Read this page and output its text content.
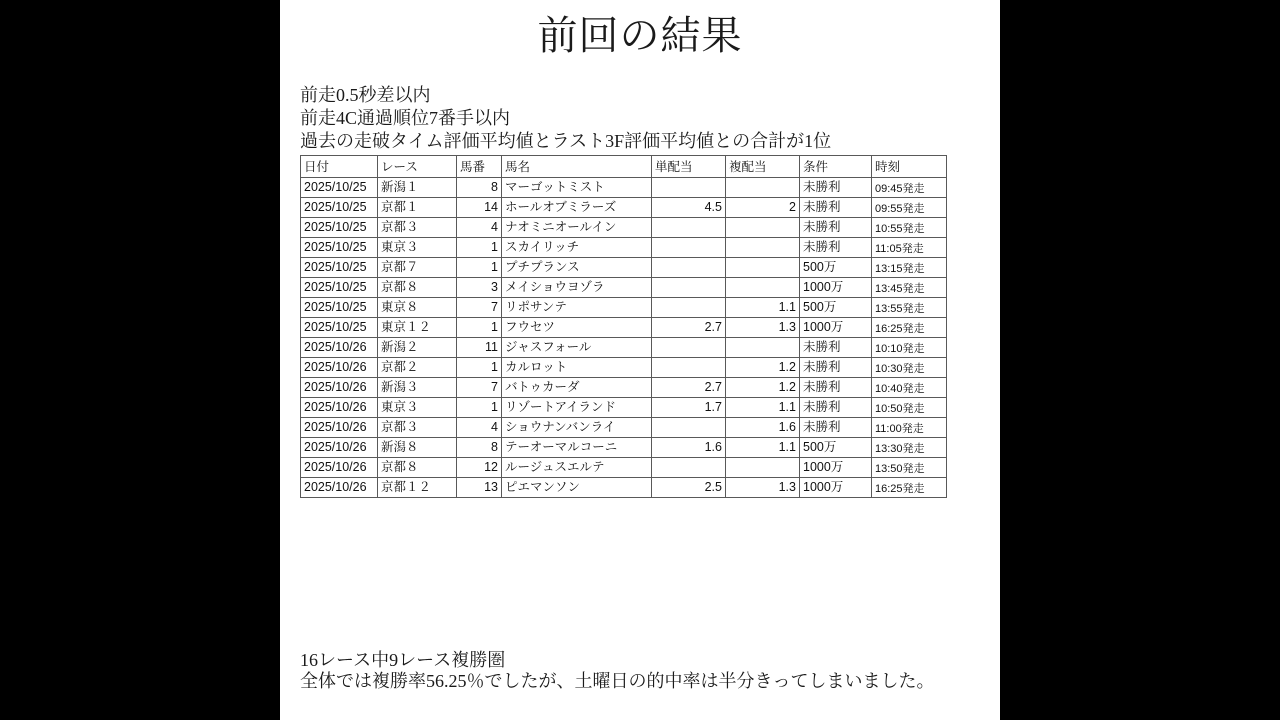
前回の結果
前走0.5秒差以内
前走4C通過順位7番手以内
過去の走破タイム評価平均値とラスト3F評価平均値との合計が1位
日付	レース	馬番	馬名	単配当	複配当	条件	時刻
2025/10/25	新潟１	8	マーゴットミスト			未勝利	09:45発走
2025/10/25	京都１	14	ホールオブミラーズ	4.5	2	未勝利	09:55発走
2025/10/25	京都３	4	ナオミニオールイン			未勝利	10:55発走
2025/10/25	東京３	1	スカイリッチ			未勝利	11:05発走
2025/10/25	京都７	1	プチプランス			500万	13:15発走
2025/10/25	京都８	3	メイショウヨゾラ			1000万	13:45発走
2025/10/25	東京８	7	リポサンテ		1.1	500万	13:55発走
2025/10/25	東京１２	1	フウセツ	2.7	1.3	1000万	16:25発走
2025/10/26	新潟２	11	ジャスフォール			未勝利	10:10発走
2025/10/26	京都２	1	カルロット		1.2	未勝利	10:30発走
2025/10/26	新潟３	7	バトゥカーダ	2.7	1.2	未勝利	10:40発走
2025/10/26	東京３	1	リゾートアイランド	1.7	1.1	未勝利	10:50発走
2025/10/26	京都３	4	ショウナンバンライ		1.6	未勝利	11:00発走
2025/10/26	新潟８	8	テーオーマルコーニ	1.6	1.1	500万	13:30発走
2025/10/26	京都８	12	ルージュスエルテ			1000万	13:50発走
2025/10/26	京都１２	13	ピエマンソン	2.5	1.3	1000万	16:25発走
16レース中9レース複勝圏
全体では複勝率56.25％でしたが、土曜日の的中率は半分きってしまいました。
